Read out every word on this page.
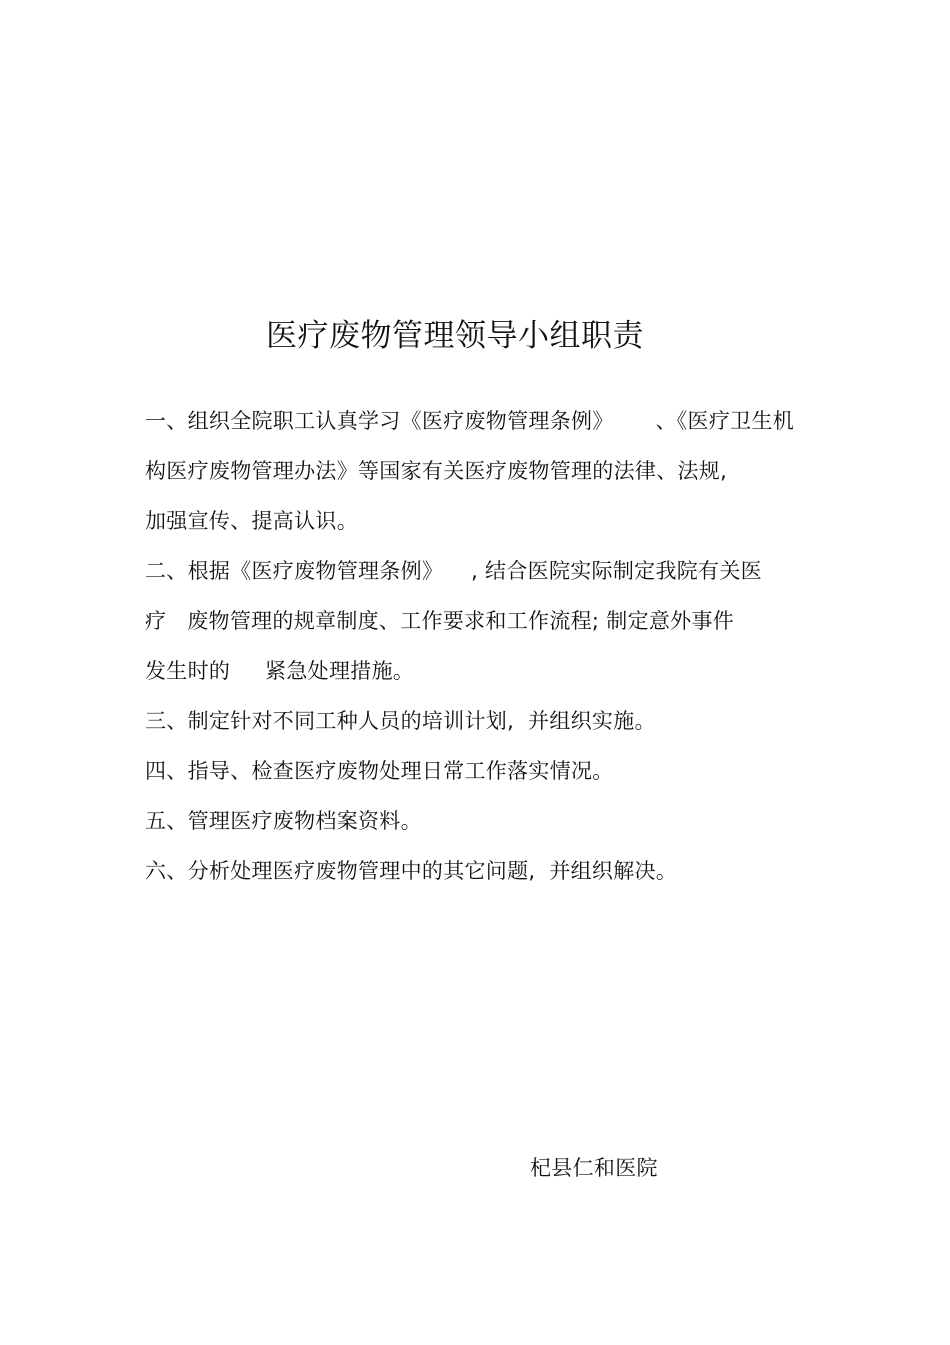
医疗废物管理领导小组职责
一、组织全院职工认真学习《医疗废物管理条例》      、《医疗卫生机
构医疗废物管理办法》等国家有关医疗废物管理的法律、法规,
加强宣传、提高认识。
二、根据《医疗废物管理条例》    , 结合医院实际制定我院有关医
疗   废物管理的规章制度、工作要求和工作流程; 制定意外事件
发生时的     紧急处理措施。
三、制定针对不同工种人员的培训计划,  并组织实施。
四、指导、检查医疗废物处理日常工作落实情况。
五、管理医疗废物档案资料。
六、分析处理医疗废物管理中的其它问题,  并组织解决。
杞县仁和医院
